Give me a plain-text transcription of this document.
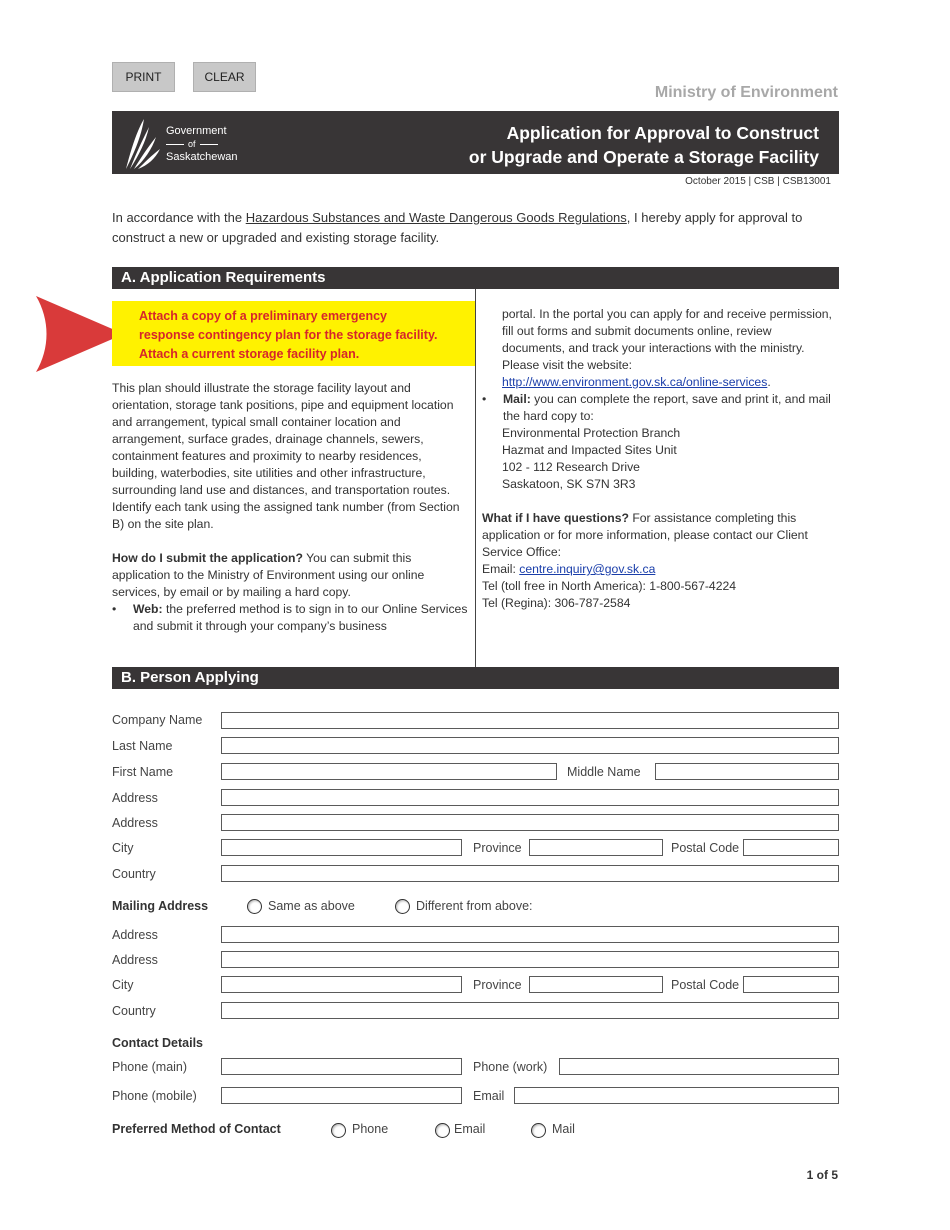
PRINT	CLEAR
Ministry of Environment
Government
of
Saskatchewan
Application for Approval to Construct
or Upgrade and Operate a Storage Facility
October 2015 | CSB | CSB13001
In accordance with the Hazardous Substances and Waste Dangerous Goods Regulations, I hereby apply for approval to construct a new or upgraded and existing storage facility.
A. Application Requirements
Attach a copy of a preliminary emergency
response contingency plan for the storage facility.
Attach a current storage facility plan.

This plan should illustrate the storage facility layout and orientation, storage tank positions, pipe and equipment location and arrangement, typical small container location and arrangement, surface grades, drainage channels, sewers, containment features and proximity to nearby residences, building, waterbodies, site utilities and other infrastructure, surrounding land use and distances, and transportation routes. Identify each tank using the assigned tank number (from Section B) on the site plan.

How do I submit the application? You can submit this application to the Ministry of Environment using our online services, by email or by mailing a hard copy.

•	Web: the preferred method is to sign in to our Online Services and submit it through your company’s business
portal. In the portal you can apply for and receive permission, fill out forms and submit documents online, review documents, and track your interactions with the ministry. Please visit the website:
http://www.environment.gov.sk.ca/online-services.
•	Mail: you can complete the report, save and print it, and mail the hard copy to:
Environmental Protection Branch
Hazmat and Impacted Sites Unit
102 - 112 Research Drive
Saskatoon, SK S7N 3R3

What if I have questions? For assistance completing this application or for more information, please contact our Client Service Office:

Email: centre.inquiry@gov.sk.ca
Tel (toll free in North America): 1-800-567-4224
Tel (Regina): 306-787-2584
B. Person Applying
Company Name
Last Name
First Name	Middle Name
Address
Address
City	Province	Postal Code
Country
Mailing Address	Same as above	Different from above:
Address
Address
City	Province	Postal Code
Country
Contact Details
Phone (main)	Phone (work)
Phone (mobile)	Email
Preferred Method of Contact	Phone	Email	Mail
1 of 5
